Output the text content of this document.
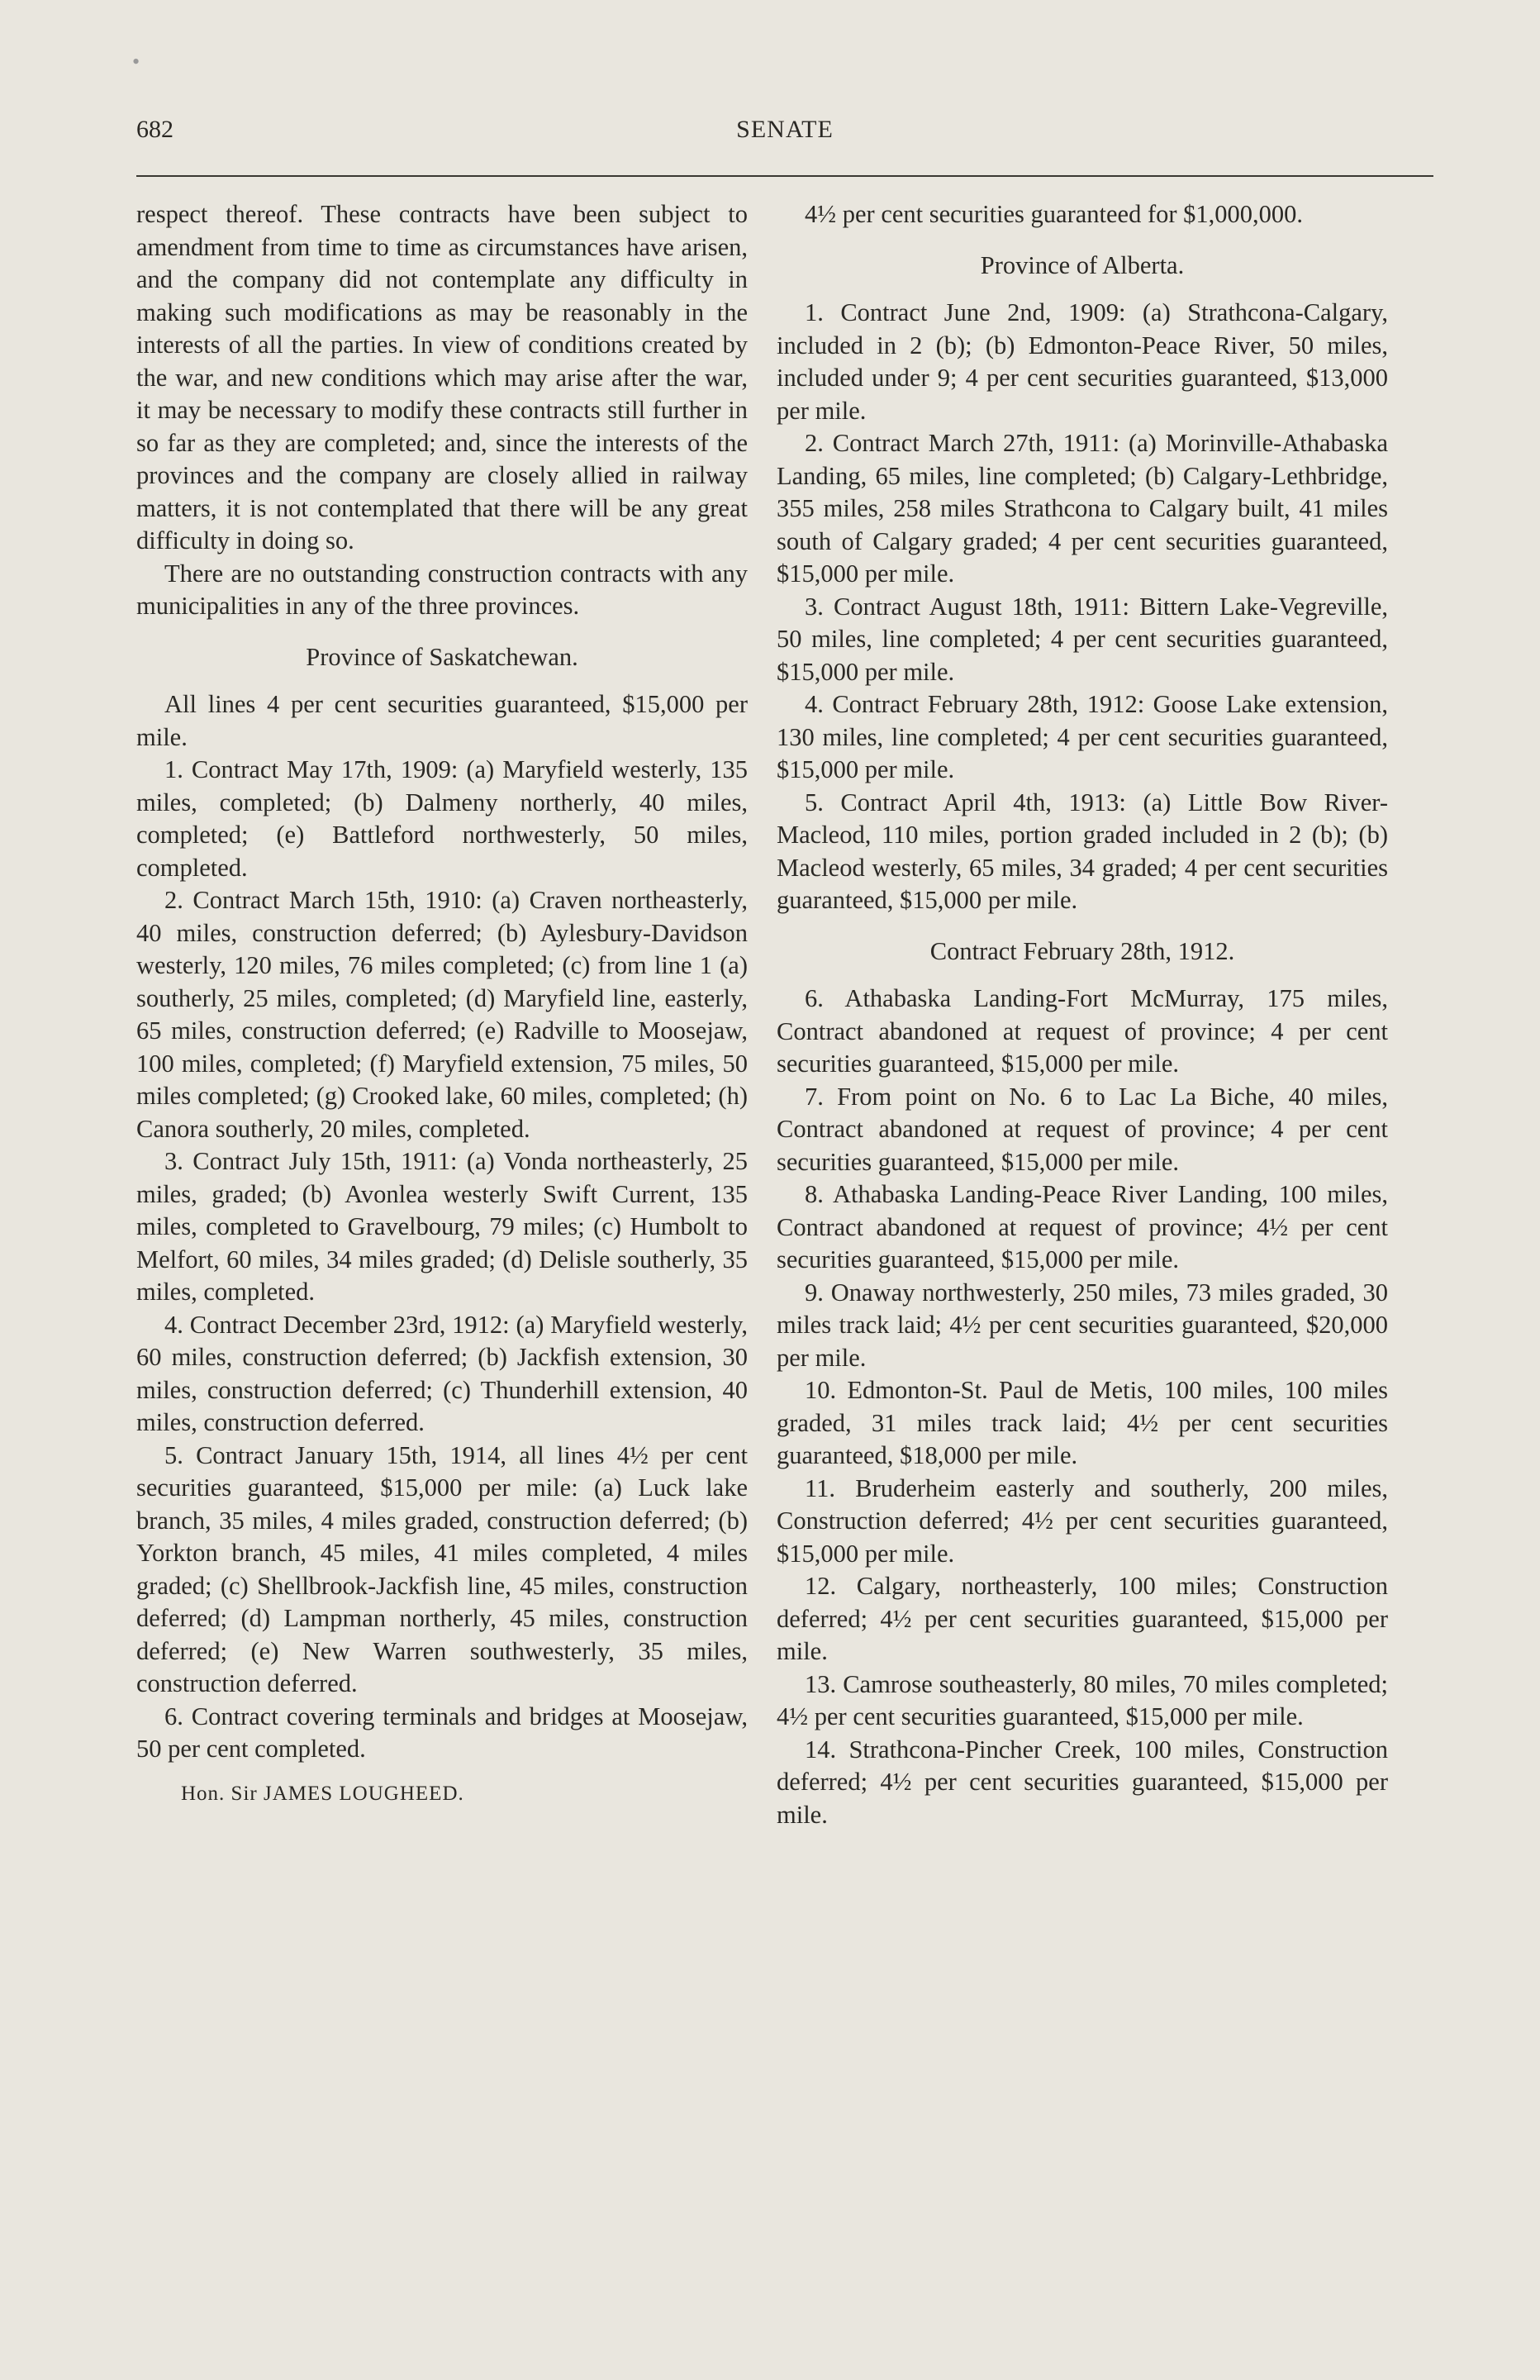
•
682	SENATE

respect thereof. These contracts have been subject to amendment from time to time as circumstances have arisen, and the company did not contemplate any difficulty in making such modifications as may be reasonably in the interests of all the parties. In view of conditions created by the war, and new conditions which may arise after the war, it may be necessary to modify these contracts still further in so far as they are completed; and, since the interests of the provinces and the company are closely allied in railway matters, it is not contemplated that there will be any great difficulty in doing so.

There are no outstanding construction contracts with any municipalities in any of the three provinces.

Province of Saskatchewan.

All lines 4 per cent securities guaranteed, $15,000 per mile.

1. Contract May 17th, 1909: (a) Maryfield westerly, 135 miles, completed; (b) Dalmeny northerly, 40 miles, completed; (e) Battleford northwesterly, 50 miles, completed.

2. Contract March 15th, 1910: (a) Craven northeasterly, 40 miles, construction deferred; (b) Aylesbury-Davidson westerly, 120 miles, 76 miles completed; (c) from line 1 (a) southerly, 25 miles, completed; (d) Maryfield line, easterly, 65 miles, construction deferred; (e) Radville to Moosejaw, 100 miles, completed; (f) Maryfield extension, 75 miles, 50 miles completed; (g) Crooked lake, 60 miles, completed; (h) Canora southerly, 20 miles, completed.

3. Contract July 15th, 1911: (a) Vonda northeasterly, 25 miles, graded; (b) Avonlea westerly Swift Current, 135 miles, completed to Gravelbourg, 79 miles; (c) Humbolt to Melfort, 60 miles, 34 miles graded; (d) Delisle southerly, 35 miles, completed.

4. Contract December 23rd, 1912: (a) Maryfield westerly, 60 miles, construction deferred; (b) Jackfish extension, 30 miles, construction deferred; (c) Thunderhill extension, 40 miles, construction deferred.

5. Contract January 15th, 1914, all lines 4½ per cent securities guaranteed, $15,000 per mile: (a) Luck lake branch, 35 miles, 4 miles graded, construction deferred; (b) Yorkton branch, 45 miles, 41 miles completed, 4 miles graded; (c) Shellbrook-Jackfish line, 45 miles, construction deferred; (d) Lampman northerly, 45 miles, construction deferred; (e) New Warren southwesterly, 35 miles, construction deferred.

6. Contract covering terminals and bridges at Moosejaw, 50 per cent completed.

Hon. Sir JAMES LOUGHEED.

4½ per cent securities guaranteed for $1,000,000.

Province of Alberta.

1. Contract June 2nd, 1909: (a) Strathcona-Calgary, included in 2 (b); (b) Edmonton-Peace River, 50 miles, included under 9; 4 per cent securities guaranteed, $13,000 per mile.

2. Contract March 27th, 1911: (a) Morinville-Athabaska Landing, 65 miles, line completed; (b) Calgary-Lethbridge, 355 miles, 258 miles Strathcona to Calgary built, 41 miles south of Calgary graded; 4 per cent securities guaranteed, $15,000 per mile.

3. Contract August 18th, 1911: Bittern Lake-Vegreville, 50 miles, line completed; 4 per cent securities guaranteed, $15,000 per mile.

4. Contract February 28th, 1912: Goose Lake extension, 130 miles, line completed; 4 per cent securities guaranteed, $15,000 per mile.

5. Contract April 4th, 1913: (a) Little Bow River-Macleod, 110 miles, portion graded included in 2 (b); (b) Macleod westerly, 65 miles, 34 graded; 4 per cent securities guaranteed, $15,000 per mile.

Contract February 28th, 1912.

6. Athabaska Landing-Fort McMurray, 175 miles, Contract abandoned at request of province; 4 per cent securities guaranteed, $15,000 per mile.

7. From point on No. 6 to Lac La Biche, 40 miles, Contract abandoned at request of province; 4 per cent securities guaranteed, $15,000 per mile.

8. Athabaska Landing-Peace River Landing, 100 miles, Contract abandoned at request of province; 4½ per cent securities guaranteed, $15,000 per mile.

9. Onaway northwesterly, 250 miles, 73 miles graded, 30 miles track laid; 4½ per cent securities guaranteed, $20,000 per mile.

10. Edmonton-St. Paul de Metis, 100 miles, 100 miles graded, 31 miles track laid; 4½ per cent securities guaranteed, $18,000 per mile.

11. Bruderheim easterly and southerly, 200 miles, Construction deferred; 4½ per cent securities guaranteed, $15,000 per mile.

12. Calgary, northeasterly, 100 miles; Construction deferred; 4½ per cent securities guaranteed, $15,000 per mile.

13. Camrose southeasterly, 80 miles, 70 miles completed; 4½ per cent securities guaranteed, $15,000 per mile.

14. Strathcona-Pincher Creek, 100 miles, Construction deferred; 4½ per cent securities guaranteed, $15,000 per mile.
